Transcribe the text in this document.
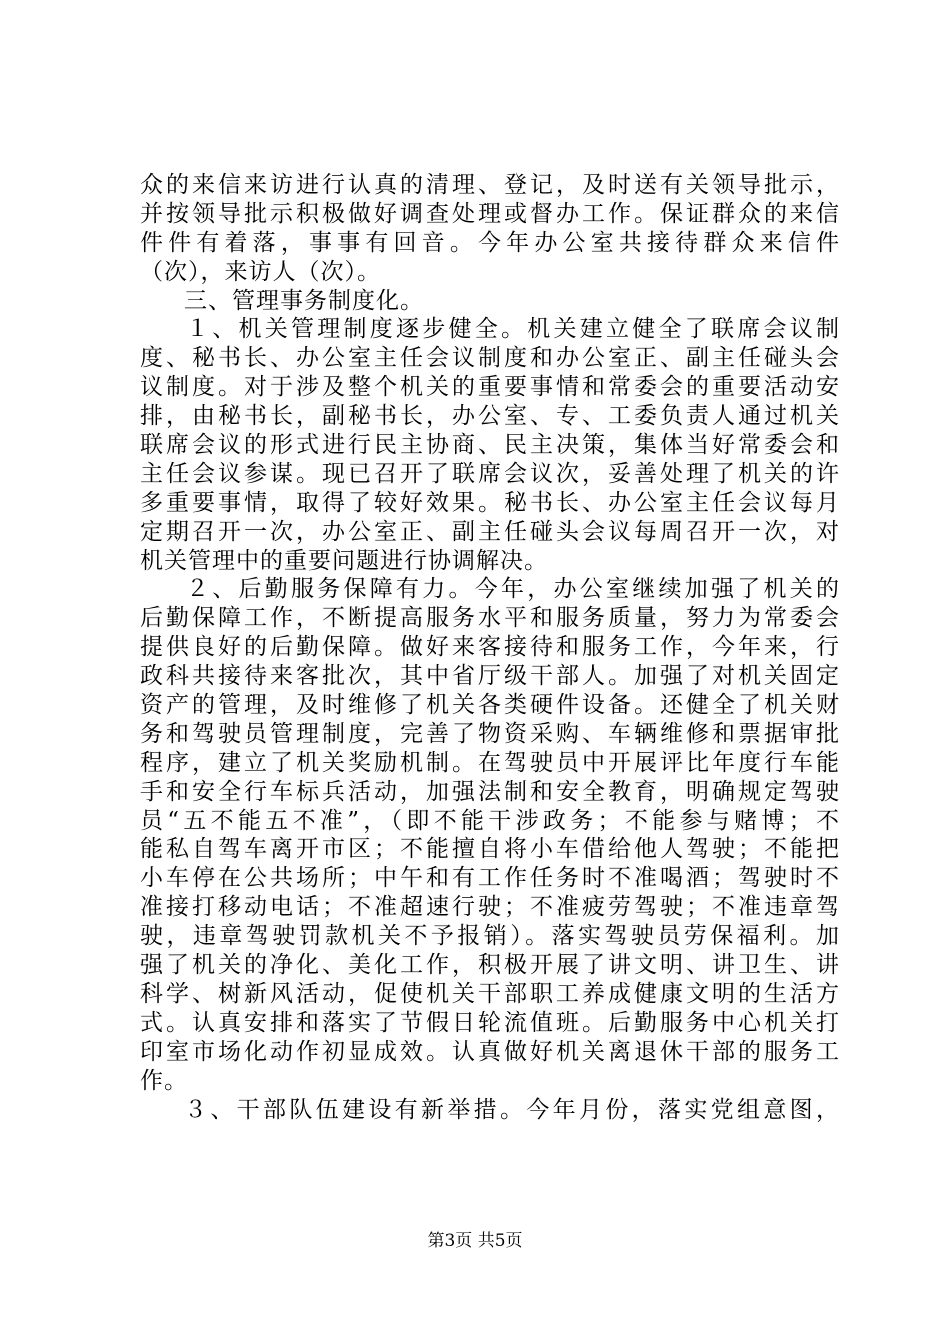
众的来信来访进行认真的清理、登记，及时送有关领导批示，
并按领导批示积极做好调查处理或督办工作。保证群众的来信
件件有着落，事事有回音。今年办公室共接待群众来信件
（次），来访人（次）。
三、管理事务制度化。
１、机关管理制度逐步健全。机关建立健全了联席会议制
度、秘书长、办公室主任会议制度和办公室正、副主任碰头会
议制度。对于涉及整个机关的重要事情和常委会的重要活动安
排，由秘书长，副秘书长，办公室、专、工委负责人通过机关
联席会议的形式进行民主协商、民主决策，集体当好常委会和
主任会议参谋。现已召开了联席会议次，妥善处理了机关的许
多重要事情，取得了较好效果。秘书长、办公室主任会议每月
定期召开一次，办公室正、副主任碰头会议每周召开一次，对
机关管理中的重要问题进行协调解决。
２、后勤服务保障有力。今年，办公室继续加强了机关的
后勤保障工作，不断提高服务水平和服务质量，努力为常委会
提供良好的后勤保障。做好来客接待和服务工作，今年来，行
政科共接待来客批次，其中省厅级干部人。加强了对机关固定
资产的管理，及时维修了机关各类硬件设备。还健全了机关财
务和驾驶员管理制度，完善了物资采购、车辆维修和票据审批
程序，建立了机关奖励机制。在驾驶员中开展评比年度行车能
手和安全行车标兵活动，加强法制和安全教育，明确规定驾驶
员“五不能五不准”，（即不能干涉政务；不能参与赌博；不
能私自驾车离开市区；不能擅自将小车借给他人驾驶；不能把
小车停在公共场所；中午和有工作任务时不准喝酒；驾驶时不
准接打移动电话；不准超速行驶；不准疲劳驾驶；不准违章驾
驶，违章驾驶罚款机关不予报销）。落实驾驶员劳保福利。加
强了机关的净化、美化工作，积极开展了讲文明、讲卫生、讲
科学、树新风活动，促使机关干部职工养成健康文明的生活方
式。认真安排和落实了节假日轮流值班。后勤服务中心机关打
印室市场化动作初显成效。认真做好机关离退休干部的服务工
作。
３、干部队伍建设有新举措。今年月份，落实党组意图，
第3页 共5页
